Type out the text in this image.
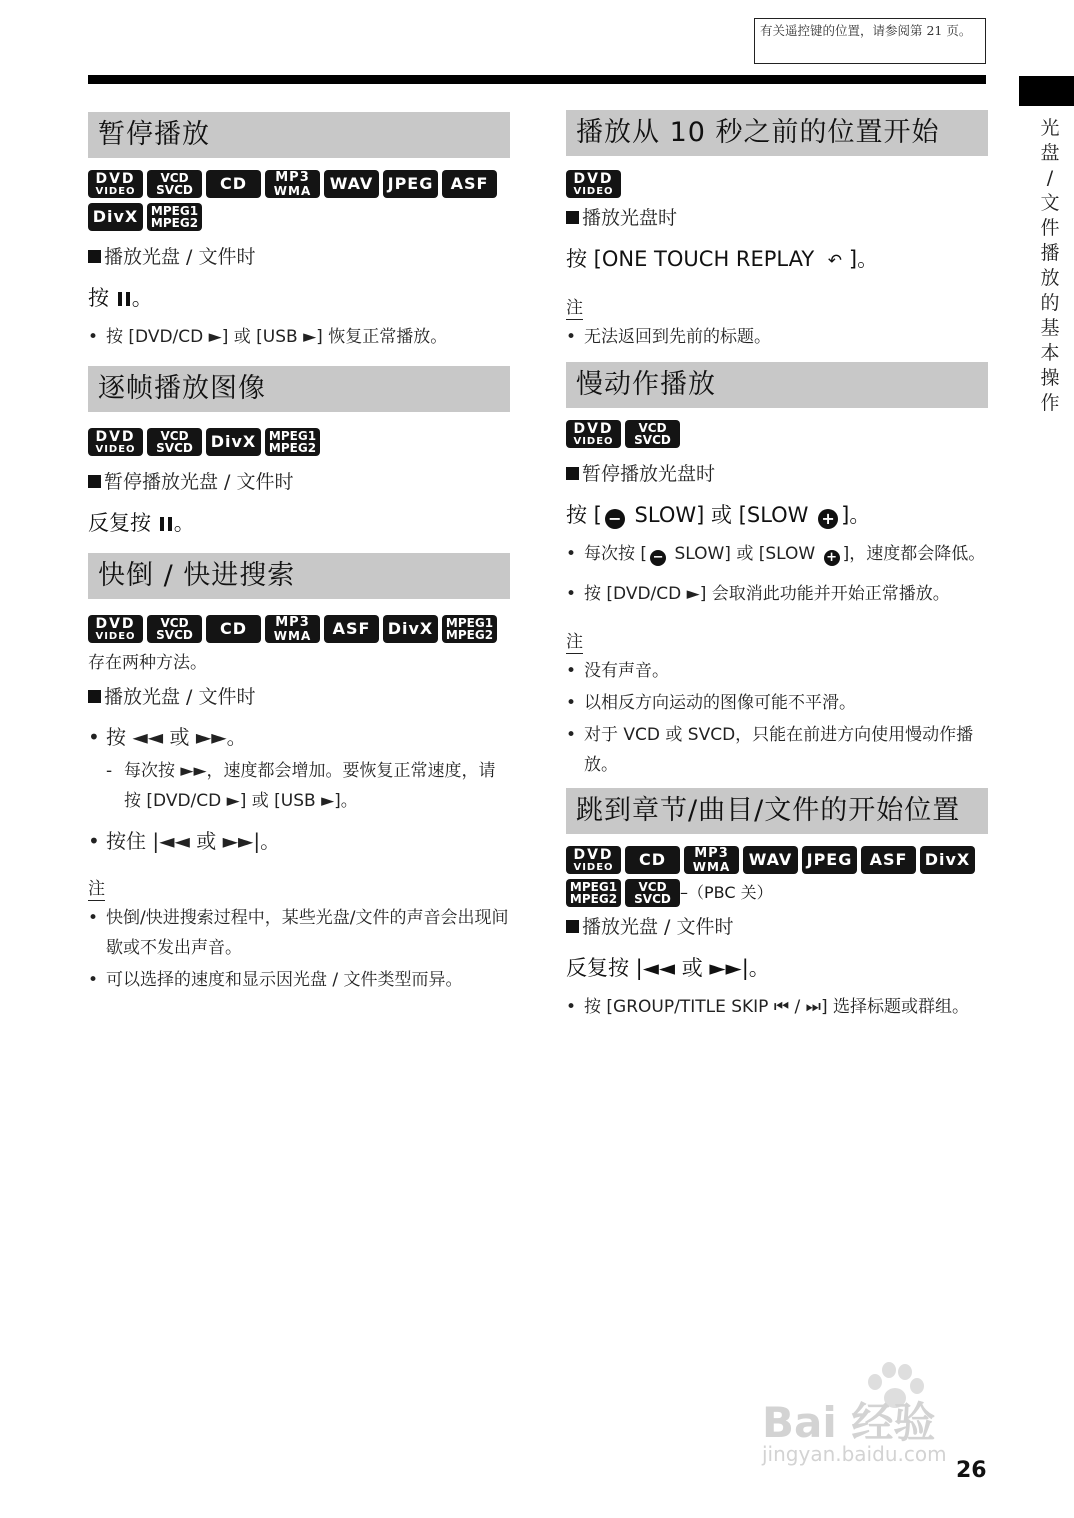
有关遥控键的位置，请参阅第 21 页。
光
盘
/
文
件
播
放
的
基
本
操
作
暂停播放
DVD
VIDEO
VCD
SVCD CD MP3
WMA WAV JPEG ASF
DivX MPEG1
MPEG2
播放光盘 / 文件时
按 。
• 按 [DVD/CD ►] 或 [USB ►] 恢复正常播放。
逐帧播放图像
DVD
VIDEO
VCD
SVCD DivX MPEG1
MPEG2
暂停播放光盘 / 文件时
反复按 。
快倒 / 快进搜索
DVD
VIDEO
VCD
SVCD CD MP3
WMA ASF DivX MPEG1
MPEG2
存在两种方法。
播放光盘 / 文件时
• 按 ◄◄ 或 ►►。
- 每次按 ►►，速度都会增加。要恢复正常速度，请按 [DVD/CD ►] 或 [USB ►]。
• 按住 |◄◄ 或 ►►|。
注
• 快倒/快进搜索过程中，某些光盘/文件的声音会出现间歇或不发出声音。
• 可以选择的速度和显示因光盘 / 文件类型而异。
播放从 10 秒之前的位置开始
DVD
VIDEO
播放光盘时
按 [ONE TOUCH REPLAY ↶ ]。
注
• 无法返回到先前的标题。
慢动作播放
DVD
VIDEO
VCD
SVCD
暂停播放光盘时
按 [ − SLOW] 或 [SLOW + ]。
• 每次按 [ − SLOW] 或 [SLOW + ]，速度都会降低。
• 按 [DVD/CD ►] 会取消此功能并开始正常播放。
注
• 没有声音。
• 以相反方向运动的图像可能不平滑。
• 对于 VCD 或 SVCD，只能在前进方向使用慢动作播放。
跳到章节/曲目/文件的开始位置
DVD
VIDEO CD MP3
WMA WAV JPEG ASF DivX
MPEG1
MPEG2
VCD
SVCD –（PBC 关）
播放光盘 / 文件时
反复按 |◄◄ 或 ►►|。
• 按 [GROUP/TITLE SKIP ⏮ / ⏭] 选择标题或群组。
Bai 经验
jingyan.baidu.com
26
